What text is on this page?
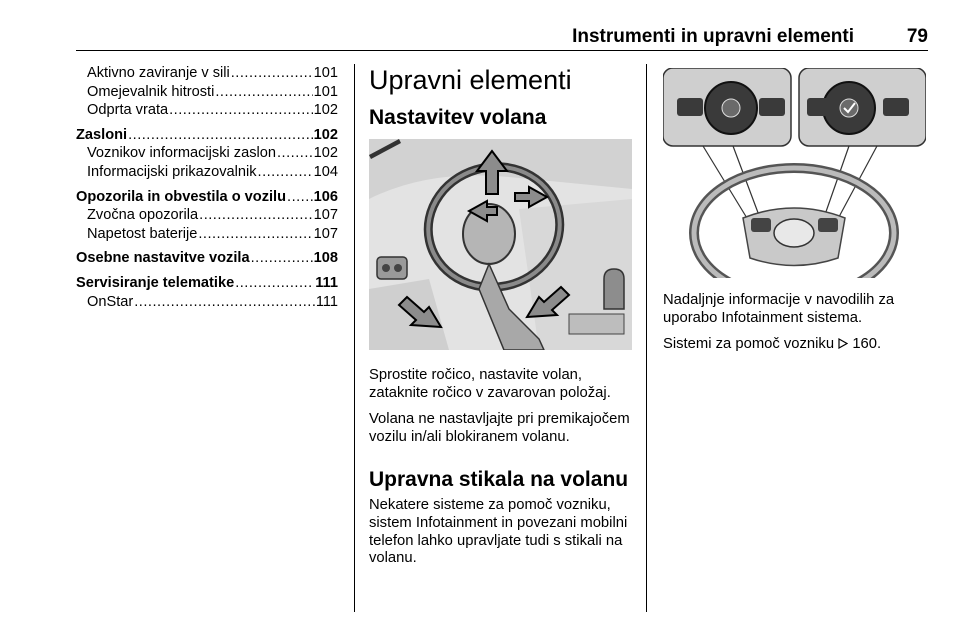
Instrumenti in upravni elementi	79
Aktivno zaviranje v sili .....	101
Omejevalnik hitrosti .....	101
Odprta vrata .....	102
Zasloni .....	102
Voznikov informacijski zaslon .....	102
Informacijski prikazovalnik .....	104
Opozorila in obvestila o vozilu ..... 106
Zvočna opozorila .....	107
Napetost baterije .....	107
Osebne nastavitve vozila .....	108
Servisiranje telematike .....	111
OnStar .....	111
Upravni elementi
Nastavitev volana

Sprostite ročico, nastavite volan, zataknite ročico v zavarovan položaj.

Volana ne nastavljajte pri premikajočem vozilu in/ali blokiranem volanu.

Upravna stikala na volanu

Nekatere sisteme za pomoč vozniku, sistem Infotainment in povezani mobilni telefon lahko upravljate tudi s stikali na volanu.

Nadaljnje informacije v navodilih za uporabo Infotainment sistema.

Sistemi za pomoč vozniku 160.
